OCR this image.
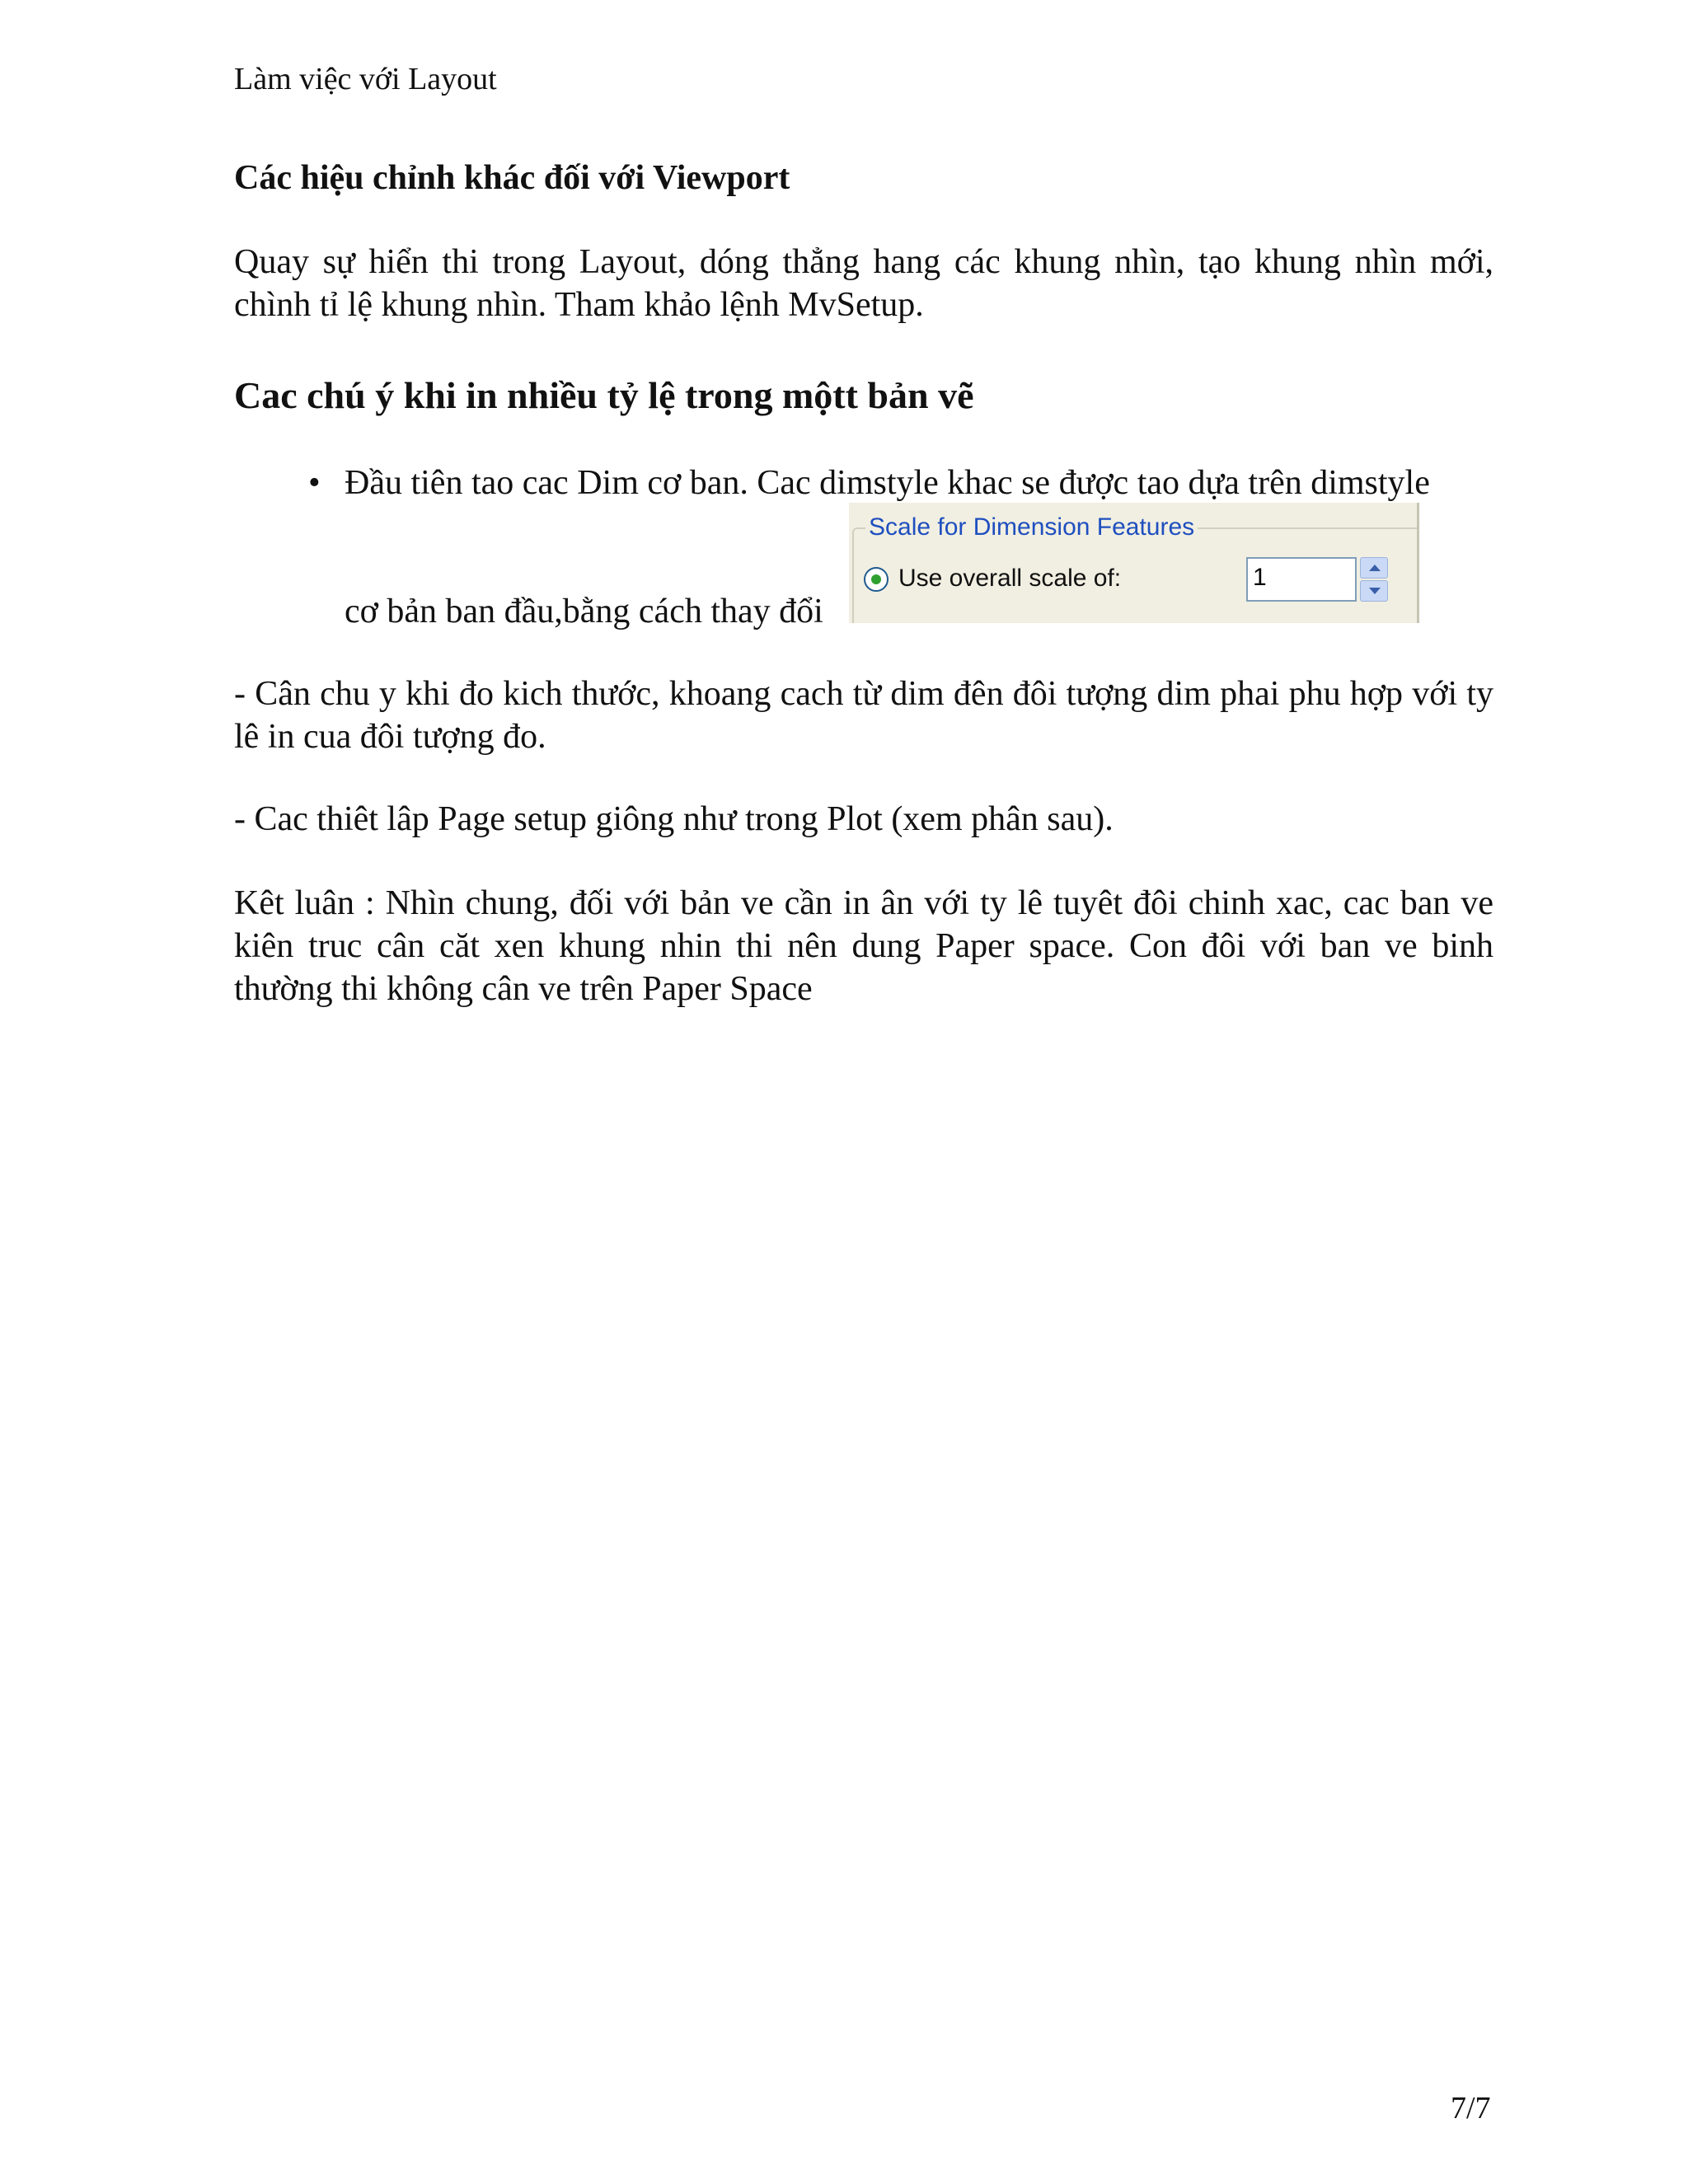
Làm việc với Layout
Các hiệu chỉnh khác đối với Viewport
Quay sự hiển thi trong Layout, dóng thẳng hang các khung nhìn, tạo khung nhìn mới, chình tỉ lệ khung nhìn. Tham khảo lệnh MvSetup.
Cac chú ý khi in nhiều tỷ lệ trong mộtt bản vẽ
• Đầu tiên tao cac Dim cơ ban. Cac dimstyle khac se được tao dựa trên dimstyle
cơ bản ban đầu,bằng cách thay đổi
Scale for Dimension Features
Use overall scale of:	1
- Cân chu y khi đo kich thước, khoang cach từ dim đên đôi tượng dim phai phu hợp với ty lê in cua đôi tượng đo.
- Cac thiêt lâp Page setup giông như trong Plot (xem phân sau).
Kêt luân : Nhìn chung, đối với bản ve cần in ân với ty lê tuyêt đôi chinh xac, cac ban ve kiên truc cân căt xen khung nhin thi nên dung Paper space. Con đôi với ban ve binh thường thi không cân ve trên Paper Space
7/7
